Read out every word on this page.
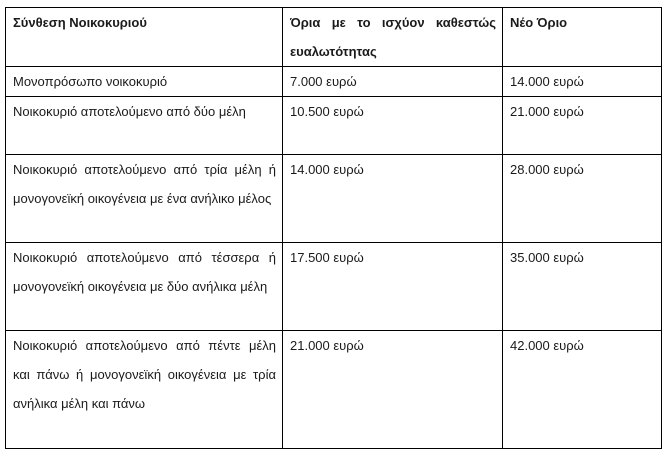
Σύνθεση Νοικοκυριού	Όρια με το ισχύον καθεστώς ευαλωτότητας	Νέο Όριο
Μονοπρόσωπο νοικοκυριό	7.000 ευρώ	14.000 ευρώ
Νοικοκυριό αποτελούμενο από δύο μέλη	10.500 ευρώ	21.000 ευρώ
Νοικοκυριό αποτελούμενο από τρία μέλη ή μονογονεϊκή οικογένεια με ένα ανήλικο μέλος	14.000 ευρώ	28.000 ευρώ
Νοικοκυριό αποτελούμενο από τέσσερα ή μονογονεϊκή οικογένεια με δύο ανήλικα μέλη	17.500 ευρώ	35.000 ευρώ
Νοικοκυριό αποτελούμενο από πέντε μέλη και πάνω ή μονογονεϊκή οικογένεια με τρία ανήλικα μέλη και πάνω	21.000 ευρώ	42.000 ευρώ
